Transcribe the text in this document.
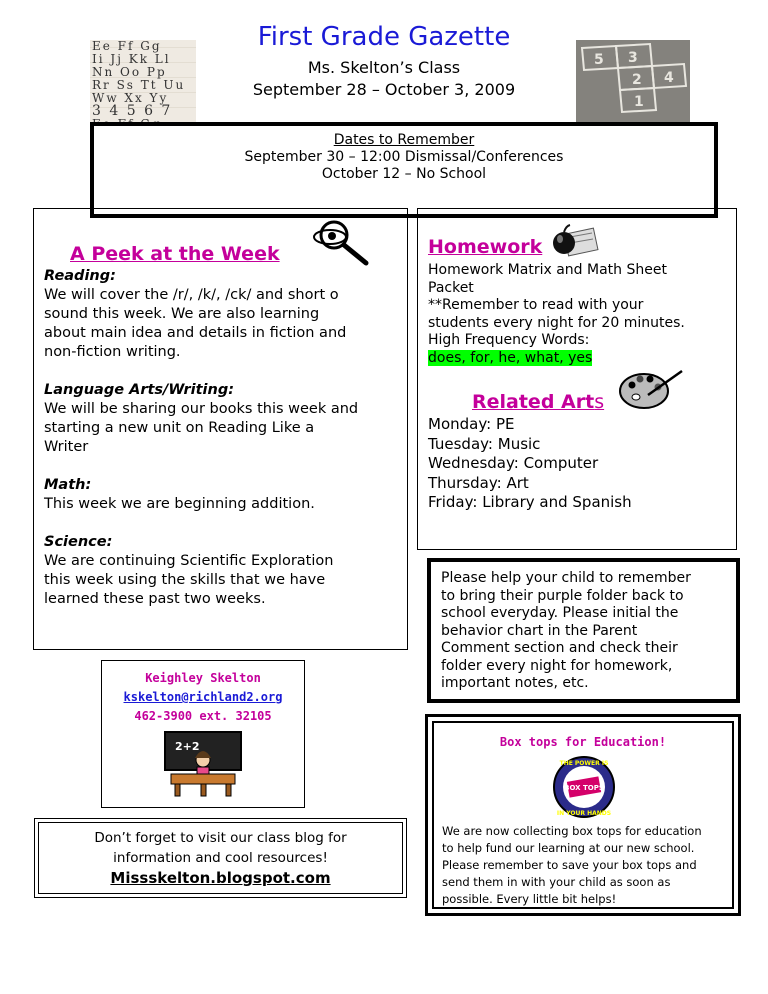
First Grade Gazette
Ms. Skelton’s Class
September 28 – October 3, 2009
Ee Ff Gg
Ii Jj Kk Ll
Nn Oo Pp
Rr Ss Tt Uu
Ww Xx Yy
3 4 5 6 7
5 3
4
2
1
Dates to Remember
September 30 – 12:00 Dismissal/Conferences
October 12 – No School
A Peek at the Week
Reading:
We will cover the /r/, /k/, /ck/ and short o
sound this week. We are also learning
about main idea and details in fiction and
non-fiction writing.
Language Arts/Writing:
We will be sharing our books this week and
starting a new unit on Reading Like a
Writer
Math:
This week we are beginning addition.
Science:
We are continuing Scientific Exploration
this week using the skills that we have
learned these past two weeks.
Homework
Homework Matrix and Math Sheet
Packet
**Remember to read with your
students every night for 20 minutes.
High Frequency Words:
does, for, he, what, yes
Related Arts
Monday: PE
Tuesday: Music
Wednesday: Computer
Thursday: Art
Friday: Library and Spanish
Please help your child to remember
to bring their purple folder back to
school everyday. Please initial the
behavior chart in the Parent
Comment section and check their
folder every night for homework,
important notes, etc.
Keighley Skelton
kskelton@richland2.org
462-3900 ext. 32105
2+2
Don’t forget to visit our class blog for
information and cool resources!
Missskelton.blogspot.com
Box tops for Education!
BOX TOPS
THE POWER IS
IN YOUR HANDS
We are now collecting box tops for education
to help fund our learning at our new school.
Please remember to save your box tops and
send them in with your child as soon as
possible. Every little bit helps!
